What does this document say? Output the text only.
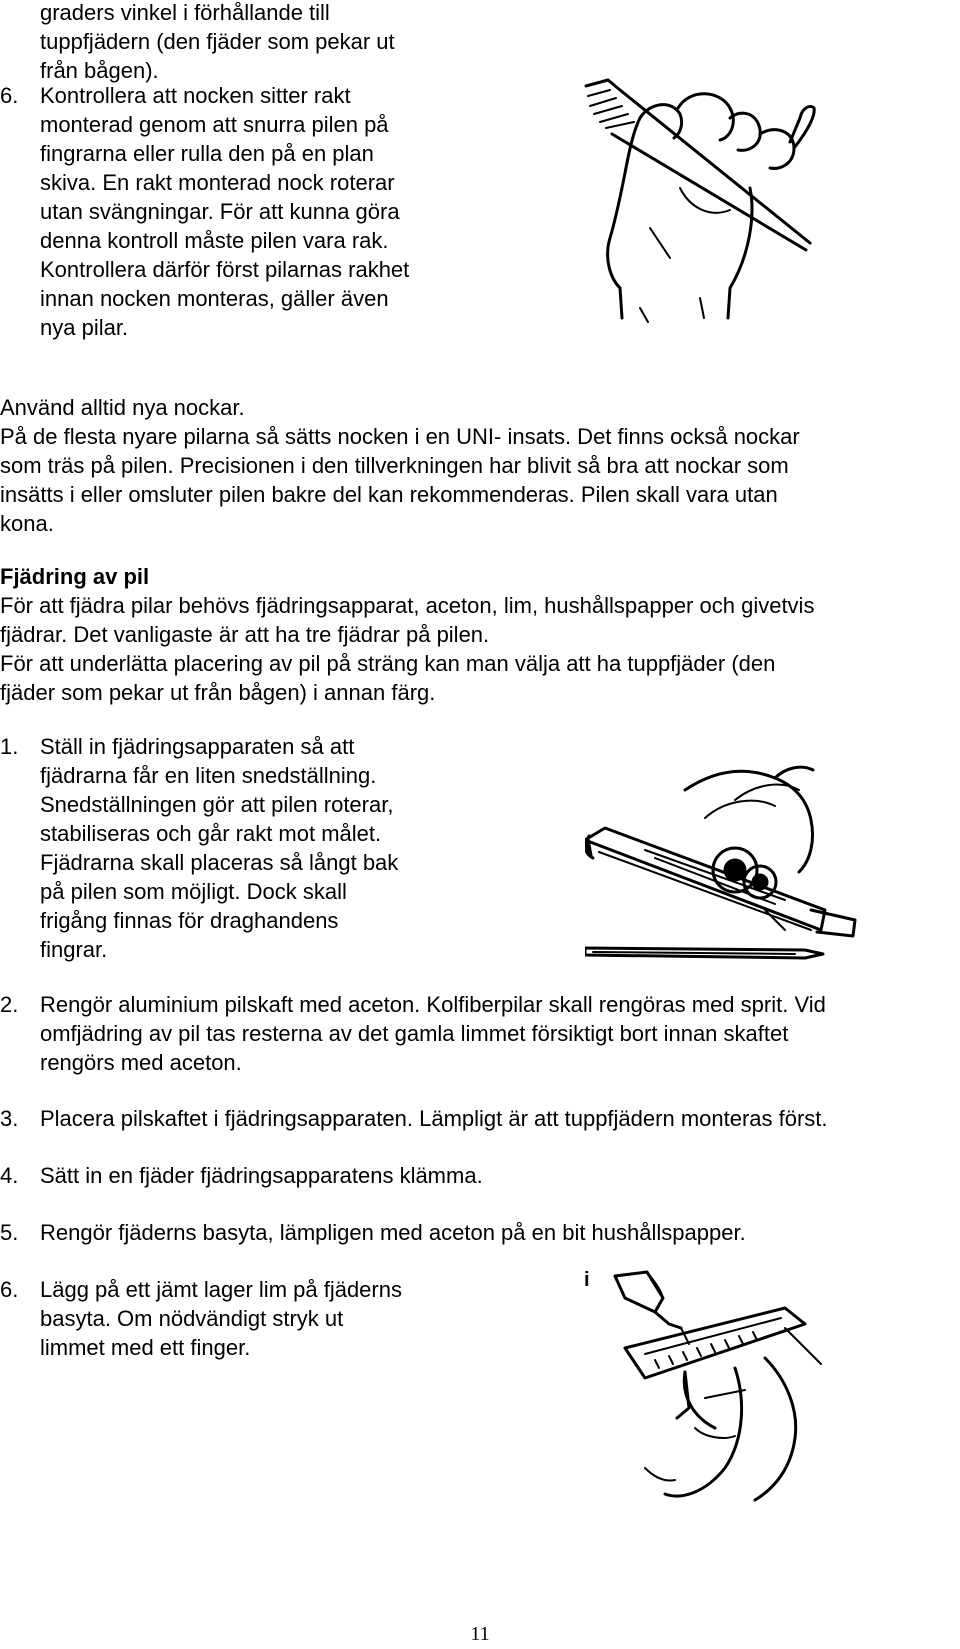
graders vinkel i förhållande till
tuppfjädern (den fjäder som pekar ut
från bågen).
6. Kontrollera att nocken sitter rakt
monterad genom att snurra pilen på
fingrarna eller rulla den på en plan
skiva. En rakt monterad nock roterar
utan svängningar. För att kunna göra
denna kontroll måste pilen vara rak.
Kontrollera därför först pilarnas rakhet
innan nocken monteras, gäller även
nya pilar.
Använd alltid nya nockar.
På de flesta nyare pilarna så sätts nocken i en UNI- insats. Det finns också nockar
som träs på pilen. Precisionen i den tillverkningen har blivit så bra att nockar som
insätts i eller omsluter pilen bakre del kan rekommenderas. Pilen skall vara utan
kona.
Fjädring av pil
För att fjädra pilar behövs fjädringsapparat, aceton, lim, hushållspapper och givetvis
fjädrar. Det vanligaste är att ha tre fjädrar på pilen.
För att underlätta placering av pil på sträng kan man välja att ha tuppfjäder (den
fjäder som pekar ut från bågen) i annan färg.
1. Ställ in fjädringsapparaten så att
fjädrarna får en liten snedställning.
Snedställningen gör att pilen roterar,
stabiliseras och går rakt mot målet.
Fjädrarna skall placeras så långt bak
på pilen som möjligt. Dock skall
frigång finnas för draghandens
fingrar.
2. Rengör aluminium pilskaft med aceton. Kolfiberpilar skall rengöras med sprit. Vid
omfjädring av pil tas resterna av det gamla limmet försiktigt bort innan skaftet
rengörs med aceton.
3. Placera pilskaftet i fjädringsapparaten. Lämpligt är att tuppfjädern monteras först.
4. Sätt in en fjäder fjädringsapparatens klämma.
5. Rengör fjäderns basyta, lämpligen med aceton på en bit hushållspapper.
6. Lägg på ett jämt lager lim på fjäderns
basyta. Om nödvändigt stryk ut
limmet med ett finger.
i
11
